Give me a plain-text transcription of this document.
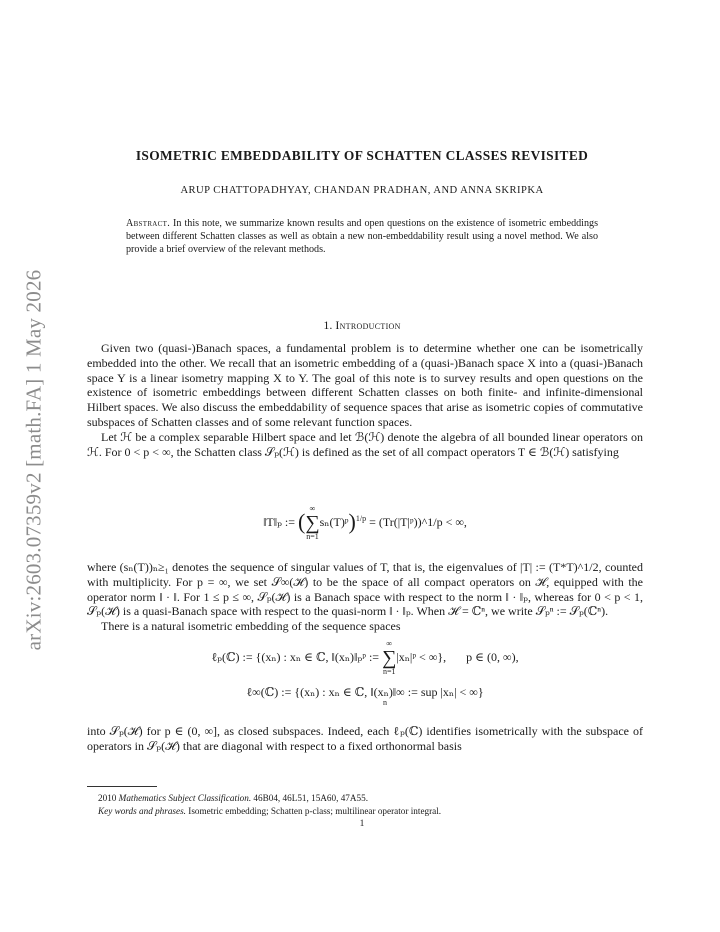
arXiv:2603.07359v2 [math.FA] 1 May 2026
ISOMETRIC EMBEDDABILITY OF SCHATTEN CLASSES REVISITED
ARUP CHATTOPADHYAY, CHANDAN PRADHAN, AND ANNA SKRIPKA
Abstract. In this note, we summarize known results and open questions on the existence of isometric embeddings between different Schatten classes as well as obtain a new non-embeddability result using a novel method. We also provide a brief overview of the relevant methods.
1. Introduction

Given two (quasi-)Banach spaces, a fundamental problem is to determine whether one can be isometrically embedded into the other. We recall that an isometric embedding of a (quasi-)Banach space X into a (quasi-)Banach space Y is a linear isometry mapping X to Y. The goal of this note is to survey results and open questions on the existence of isometric embeddings between different Schatten classes on both finite- and infinite-dimensional Hilbert spaces. We also discuss the embeddability of sequence spaces that arise as isometric copies of commutative subspaces of Schatten classes and of some relevant function spaces.

Let ℋ be a complex separable Hilbert space and let ℬ(ℋ) denote the algebra of all bounded linear operators on ℋ. For 0 < p < ∞, the Schatten class 𝒮ₚ(ℋ) is defined as the set of all compact operators T ∈ ℬ(ℋ) satisfying

‖T‖ₚ := (
∞
∑
n=1
sₙ(T)ᵖ)$^{1/p}$ = (Tr(|T|ᵖ))^1/p < ∞,

where (sₙ(T))ₙ≥₁ denotes the sequence of singular values of T, that is, the eigenvalues of |T| := (T*T)^1/2, counted with multiplicity. For p = ∞, we set 𝒮∞(ℋ) to be the space of all compact operators on ℋ, equipped with the operator norm ‖ · ‖. For 1 ≤ p ≤ ∞, 𝒮ₚ(ℋ) is a Banach space with respect to the norm ‖ · ‖ₚ, whereas for 0 < p < 1, 𝒮ₚ(ℋ) is a quasi-Banach space with respect to the quasi-norm ‖ · ‖ₚ. When ℋ = ℂⁿ, we write 𝒮ₚⁿ := 𝒮ₚ(ℂⁿ).

There is a natural isometric embedding of the sequence spaces

ℓₚ(ℂ) := {(xₙ) : xₙ ∈ ℂ, ‖(xₙ)‖ₚᵖ :=
∞
∑
n=1
|xₙ|ᵖ < ∞}, p ∈ (0, ∞),
ℓ∞(ℂ) := {(xₙ) : xₙ ∈ ℂ, ‖(xₙ)‖∞ := sup |xₙ| < ∞}
n

into 𝒮ₚ(ℋ) for p ∈ (0, ∞], as closed subspaces. Indeed, each ℓₚ(ℂ) identifies isometrically with the subspace of operators in 𝒮ₚ(ℋ) that are diagonal with respect to a fixed orthonormal basis

2010 Mathematics Subject Classification. 46B04, 46L51, 15A60, 47A55.
Key words and phrases. Isometric embedding; Schatten p-class; multilinear operator integral.
1
